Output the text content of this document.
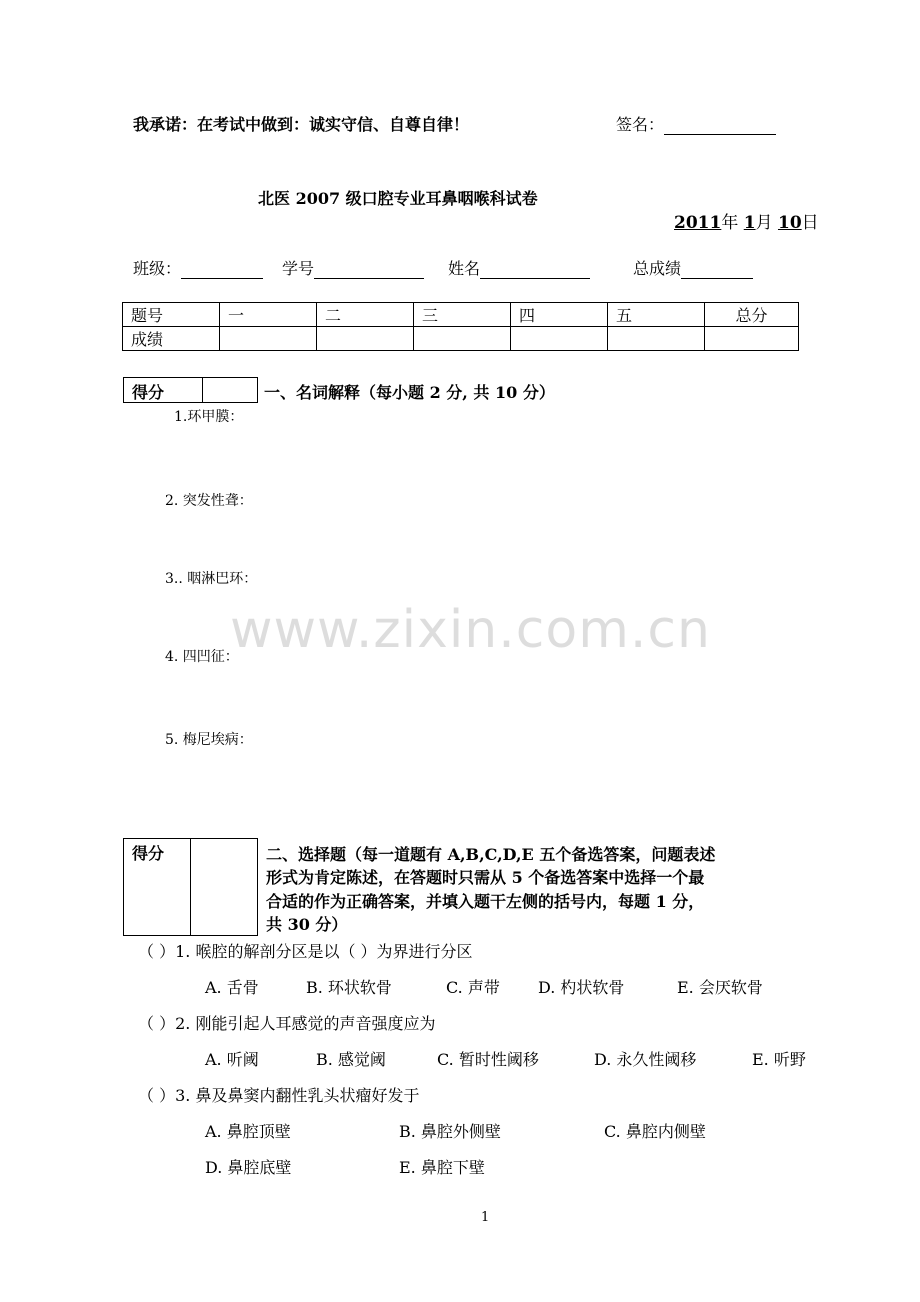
我承诺：在考试中做到：诚实守信、自尊自律！	签名：
北医 2007 级口腔专业耳鼻咽喉科试卷
2011年 1月 10日
班级：	学号	姓名	总成绩
题号	一	二	三	四	五	总分
成绩						
得分	一、名词解释（每小题 2 分, 共 10 分）
1.环甲膜：
2. 突发性聋：
3.. 咽淋巴环：
4. 四凹征：
5. 梅尼埃病：
www.zixin.com.cn
得分	二、选择题（每一道题有 A,B,C,D,E 五个备选答案，问题表述
形式为肯定陈述，在答题时只需从 5 个备选答案中选择一个最
合适的作为正确答案，并填入题干左侧的括号内，每题 1 分，
共 30 分）
（ ）1. 喉腔的解剖分区是以（ ）为界进行分区
A. 舌骨	B. 环状软骨	C. 声带 D. 杓状软骨	E. 会厌软骨
（ ）2. 刚能引起人耳感觉的声音强度应为
A. 听阈	B. 感觉阈	C. 暂时性阈移	D. 永久性阈移	E. 听野
（ ）3. 鼻及鼻窦内翻性乳头状瘤好发于
A. 鼻腔顶壁	B. 鼻腔外侧壁	C. 鼻腔内侧壁
D. 鼻腔底壁	E. 鼻腔下壁
1
